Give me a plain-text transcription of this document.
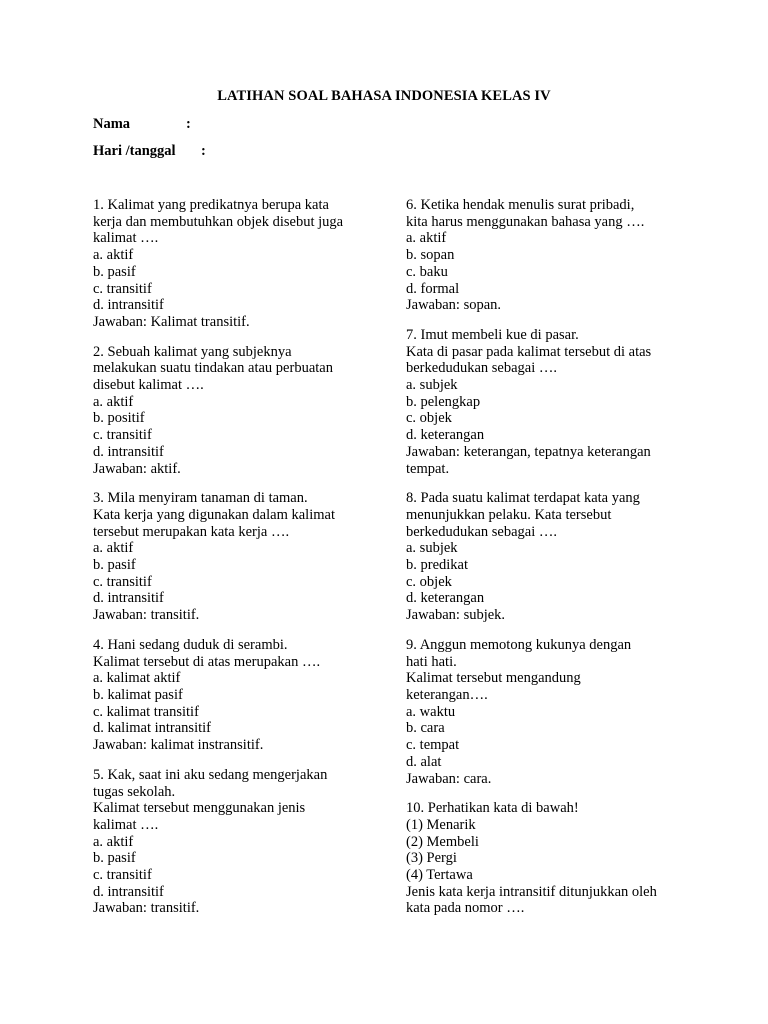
LATIHAN SOAL BAHASA INDONESIA KELAS IV
Nama	:
Hari /tanggal :
1. Kalimat yang predikatnya berupa kata
kerja dan membutuhkan objek disebut juga
kalimat ….
a. aktif
b. pasif
c. transitif
d. intransitif
Jawaban: Kalimat transitif.
2. Sebuah kalimat yang subjeknya
melakukan suatu tindakan atau perbuatan
disebut kalimat ….
a. aktif
b. positif
c. transitif
d. intransitif
Jawaban: aktif.
3. Mila menyiram tanaman di taman.
Kata kerja yang digunakan dalam kalimat
tersebut merupakan kata kerja ….
a. aktif
b. pasif
c. transitif
d. intransitif
Jawaban: transitif.
4. Hani sedang duduk di serambi.
Kalimat tersebut di atas merupakan ….
a. kalimat aktif
b. kalimat pasif
c. kalimat transitif
d. kalimat intransitif
Jawaban: kalimat instransitif.
5. Kak, saat ini aku sedang mengerjakan
tugas sekolah.
Kalimat tersebut menggunakan jenis
kalimat ….
a. aktif
b. pasif
c. transitif
d. intransitif
Jawaban: transitif.
6. Ketika hendak menulis surat pribadi,
kita harus menggunakan bahasa yang ….
a. aktif
b. sopan
c. baku
d. formal
Jawaban: sopan.
7. Imut membeli kue di pasar.
Kata di pasar pada kalimat tersebut di atas
berkedudukan sebagai ….
a. subjek
b. pelengkap
c. objek
d. keterangan
Jawaban: keterangan, tepatnya keterangan
tempat.
8. Pada suatu kalimat terdapat kata yang
menunjukkan pelaku. Kata tersebut
berkedudukan sebagai ….
a. subjek
b. predikat
c. objek
d. keterangan
Jawaban: subjek.
9. Anggun memotong kukunya dengan
hati hati.
Kalimat tersebut mengandung
keterangan….
a. waktu
b. cara
c. tempat
d. alat
Jawaban: cara.
10. Perhatikan kata di bawah!
(1) Menarik
(2) Membeli
(3) Pergi
(4) Tertawa
Jenis kata kerja intransitif ditunjukkan oleh
kata pada nomor ….
